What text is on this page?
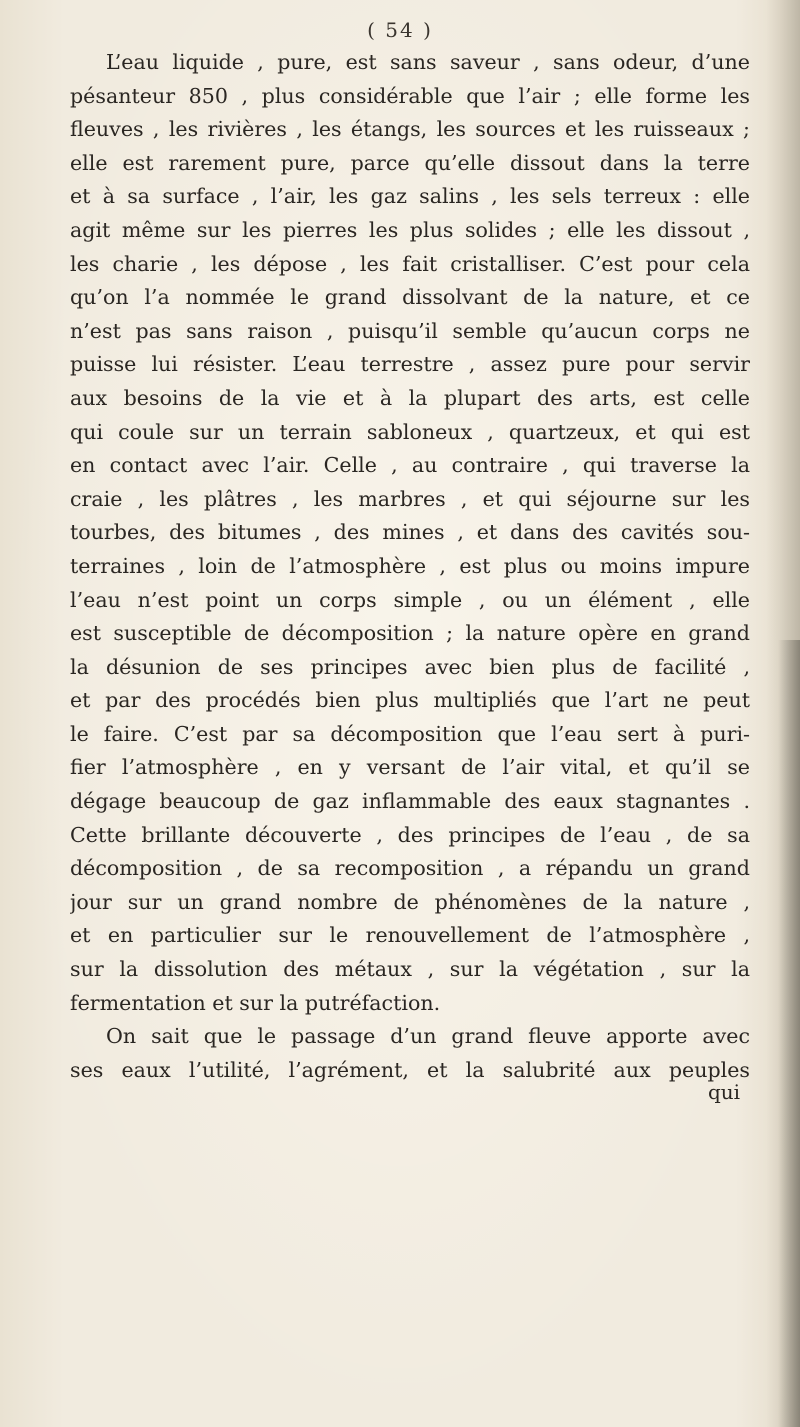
( 54 )
L’eau liquide , pure, est sans saveur , sans odeur, d’une
pésanteur 850 , plus considérable que l’air ; elle forme les
fleuves , les rivières , les étangs, les sources et les ruisseaux ;
elle est rarement pure, parce qu’elle dissout dans la terre
et à sa surface , l’air, les gaz salins , les sels terreux : elle
agit même sur les pierres les plus solides ; elle les dissout ,
les charie , les dépose , les fait cristalliser. C’est pour cela
qu’on l’a nommée le grand dissolvant de la nature, et ce
n’est pas sans raison , puisqu’il semble qu’aucun corps ne
puisse lui résister. L’eau terrestre , assez pure pour servir
aux besoins de la vie et à la plupart des arts, est celle
qui coule sur un terrain sabloneux , quartzeux, et qui est
en contact avec l’air. Celle , au contraire , qui traverse la
craie , les plâtres , les marbres , et qui séjourne sur les
tourbes, des bitumes , des mines , et dans des cavités sou-
terraines , loin de l’atmosphère , est plus ou moins impure
l’eau n’est point un corps simple , ou un élément , elle
est susceptible de décomposition ; la nature opère en grand
la désunion de ses principes avec bien plus de facilité ,
et par des procédés bien plus multipliés que l’art ne peut
le faire. C’est par sa décomposition que l’eau sert à puri-
fier l’atmosphère , en y versant de l’air vital, et qu’il se
dégage beaucoup de gaz inflammable des eaux stagnantes .
Cette brillante découverte , des principes de l’eau , de sa
décomposition , de sa recomposition , a répandu un grand
jour sur un grand nombre de phénomènes de la nature ,
et en particulier sur le renouvellement de l’atmosphère ,
sur la dissolution des métaux , sur la végétation , sur la
fermentation et sur la putréfaction.
On sait que le passage d’un grand fleuve apporte avec
ses eaux l’utilité, l’agrément, et la salubrité aux peuples
qui
